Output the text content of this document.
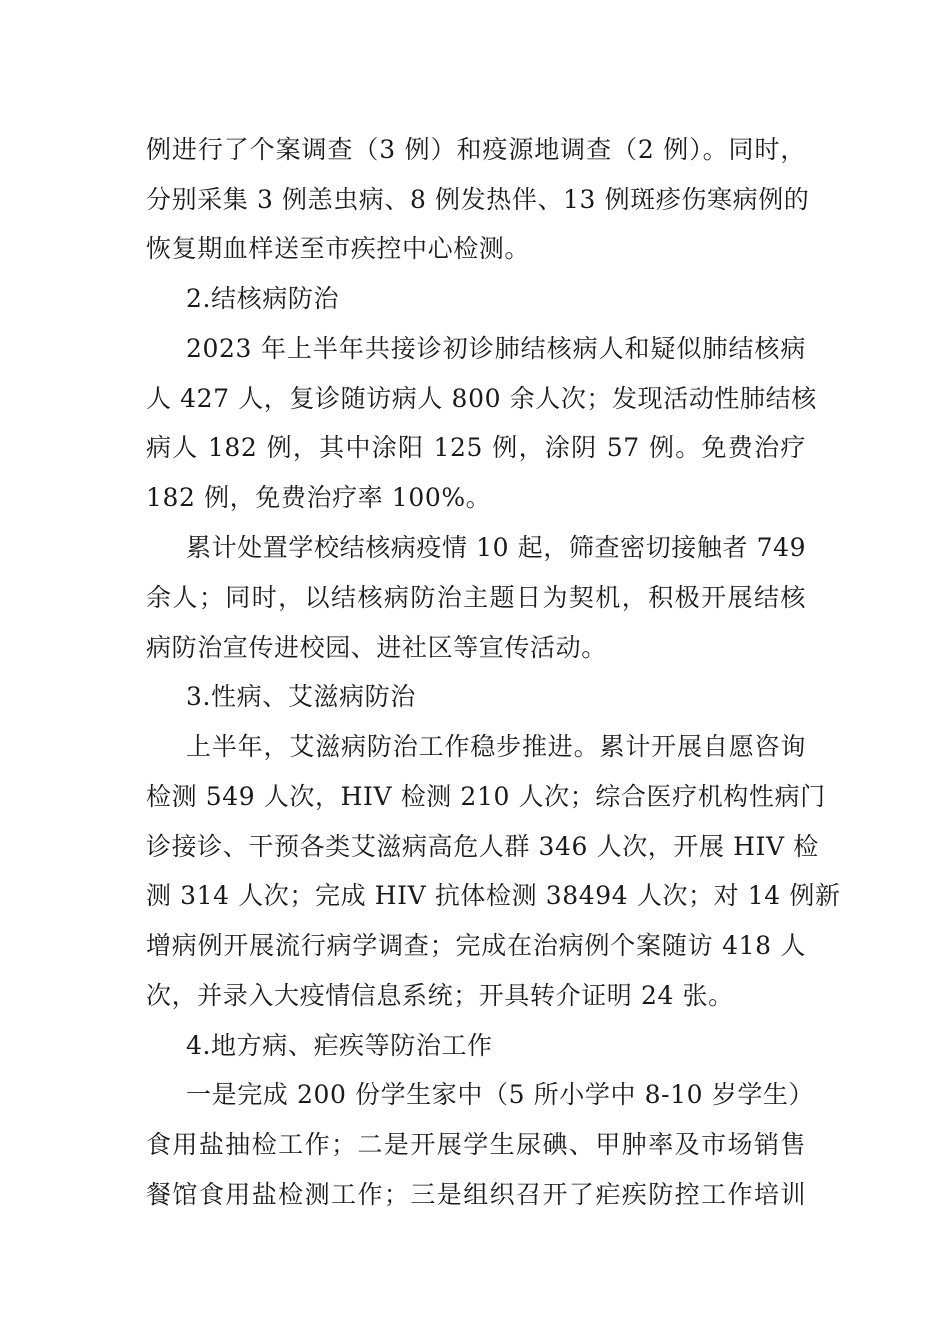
例进行了个案调查（3 例）和疫源地调查（2 例）。同时，
分别采集 3 例恙虫病、8 例发热伴、13 例斑疹伤寒病例的
恢复期血样送至市疾控中心检测。
2.结核病防治
2023 年上半年共接诊初诊肺结核病人和疑似肺结核病
人 427 人，复诊随访病人 800 余人次；发现活动性肺结核
病人 182 例，其中涂阳 125 例，涂阴 57 例。免费治疗
182 例，免费治疗率 100%。
累计处置学校结核病疫情 10 起，筛查密切接触者 749
余人；同时，以结核病防治主题日为契机，积极开展结核
病防治宣传进校园、进社区等宣传活动。
3.性病、艾滋病防治
上半年，艾滋病防治工作稳步推进。累计开展自愿咨询
检测 549 人次，HIV 检测 210 人次；综合医疗机构性病门
诊接诊、干预各类艾滋病高危人群 346 人次，开展 HIV 检
测 314 人次；完成 HIV 抗体检测 38494 人次；对 14 例新
增病例开展流行病学调查；完成在治病例个案随访 418 人
次，并录入大疫情信息系统；开具转介证明 24 张。
4.地方病、疟疾等防治工作
一是完成 200 份学生家中（5 所小学中 8-10 岁学生）
食用盐抽检工作；二是开展学生尿碘、甲肿率及市场销售
餐馆食用盐检测工作；三是组织召开了疟疾防控工作培训
